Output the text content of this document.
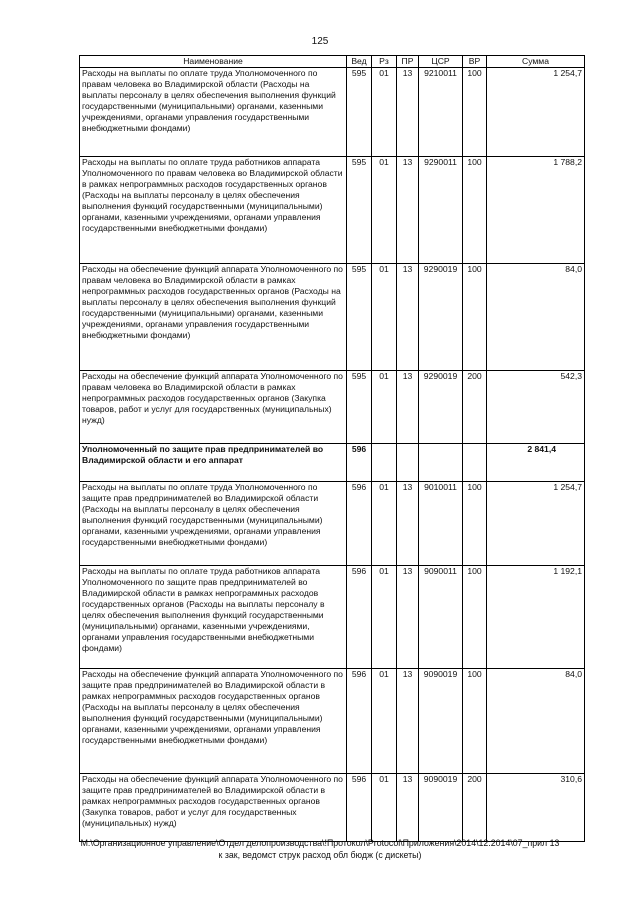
125
Наименование	Вед	Рз	ПР	ЦСР	ВР	Сумма
Расходы на выплаты по оплате труда Уполномоченного по правам человека во Владимирской области (Расходы на выплаты персоналу в целях обеспечения выполнения функций государственными (муниципальными) органами, казенными учреждениями, органами управления государственными внебюджетными фондами)	595	01	13	9210011	100	1 254,7
Расходы на выплаты по оплате труда работников аппарата Уполномоченного по правам человека во Владимирской области в рамках непрограммных расходов государственных органов (Расходы на выплаты персоналу в целях обеспечения выполнения функций государственными (муниципальными) органами, казенными учреждениями, органами управления государственными внебюджетными фондами)	595	01	13	9290011	100	1 788,2
Расходы на обеспечение функций аппарата Уполномоченного по правам человека во Владимирской области в рамках непрограммных расходов государственных органов (Расходы на выплаты персоналу в целях обеспечения выполнения функций государственными (муниципальными) органами, казенными учреждениями, органами управления государственными внебюджетными фондами)	595	01	13	9290019	100	84,0
Расходы на обеспечение функций аппарата Уполномоченного по правам человека во Владимирской области в рамках непрограммных расходов государственных органов (Закупка товаров, работ и услуг для государственных (муниципальных) нужд)	595	01	13	9290019	200	542,3
Уполномоченный по защите прав предпринимателей во Владимирской области и его аппарат	596					2 841,4
Расходы на выплаты по оплате труда Уполномоченного по защите прав предпринимателей во Владимирской области (Расходы на выплаты персоналу в целях обеспечения выполнения функций государственными (муниципальными) органами, казенными учреждениями, органами управления государственными внебюджетными фондами)	596	01	13	9010011	100	1 254,7
Расходы на выплаты по оплате труда работников аппарата Уполномоченного по защите прав предпринимателей во Владимирской области в рамках непрограммных расходов государственных органов (Расходы на выплаты персоналу в целях обеспечения выполнения функций государственными (муниципальными) органами, казенными учреждениями, органами управления государственными внебюджетными фондами)	596	01	13	9090011	100	1 192,1
Расходы на обеспечение функций аппарата Уполномоченного по защите прав предпринимателей во Владимирской области в рамках непрограммных расходов государственных органов (Расходы на выплаты персоналу в целях обеспечения выполнения функций государственными (муниципальными) органами, казенными учреждениями, органами управления государственными внебюджетными фондами)	596	01	13	9090019	100	84,0
Расходы на обеспечение функций аппарата Уполномоченного по защите прав предпринимателей во Владимирской области в рамках непрограммных расходов государственных органов (Закупка товаров, работ и услуг для государственных (муниципальных) нужд)	596	01	13	9090019	200	310,6
M:\Организационное управление\Отдел делопроизводства\!Протокол\Protocol\Приложения\2014\12.2014\07_прил 13
к зак, ведомст струк расход обл бюдж (с дискеты)
